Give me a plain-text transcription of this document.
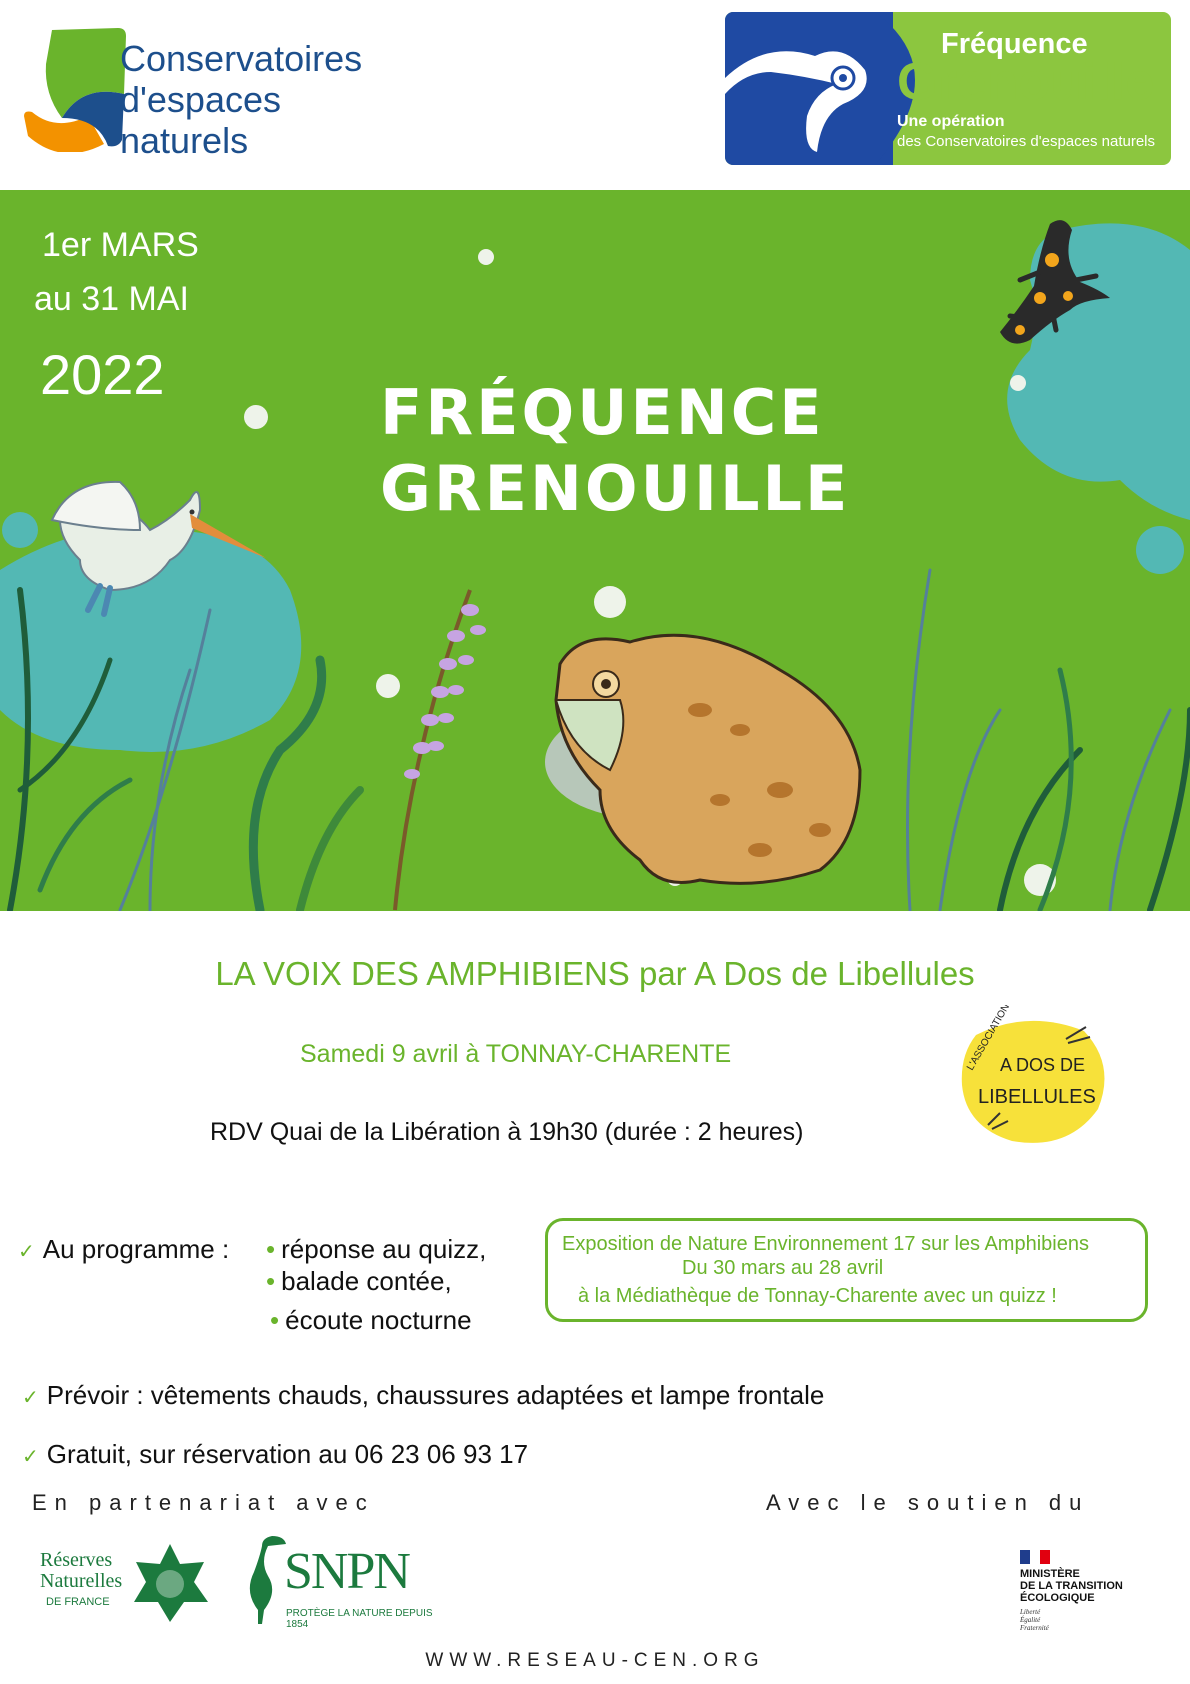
Conservatoires
d'espaces
naturels
Fréquence
Grenouille
Une opération
des Conservatoires d'espaces naturels
1er MARS
au 31 MAI
2022
FRÉQUENCE
GRENOUILLE
LA VOIX DES AMPHIBIENS par A Dos de Libellules
Samedi 9 avril à TONNAY-CHARENTE
RDV Quai de la Libération à 19h30 (durée : 2 heures)
L'ASSOCIATION
A DOS DE
LIBELLULES
✓ Au programme : • réponse au quizz,
• balade contée,
• écoute nocturne
Exposition de Nature Environnement 17 sur les Amphibiens
Du 30 mars au 28 avril
à la Médiathèque de Tonnay-Charente avec un quizz !
✓ Prévoir : vêtements chauds, chaussures adaptées et lampe frontale
✓ Gratuit, sur réservation au 06 23 06 93 17
En partenariat avec	Avec le soutien du
Réserves
Naturelles
DE FRANCE
SNPN
PROTÈGE LA NATURE DEPUIS 1854
MINISTÈRE
DE LA TRANSITION
ÉCOLOGIQUE
Liberté
Égalité
Fraternité
WWW.RESEAU-CEN.ORG
